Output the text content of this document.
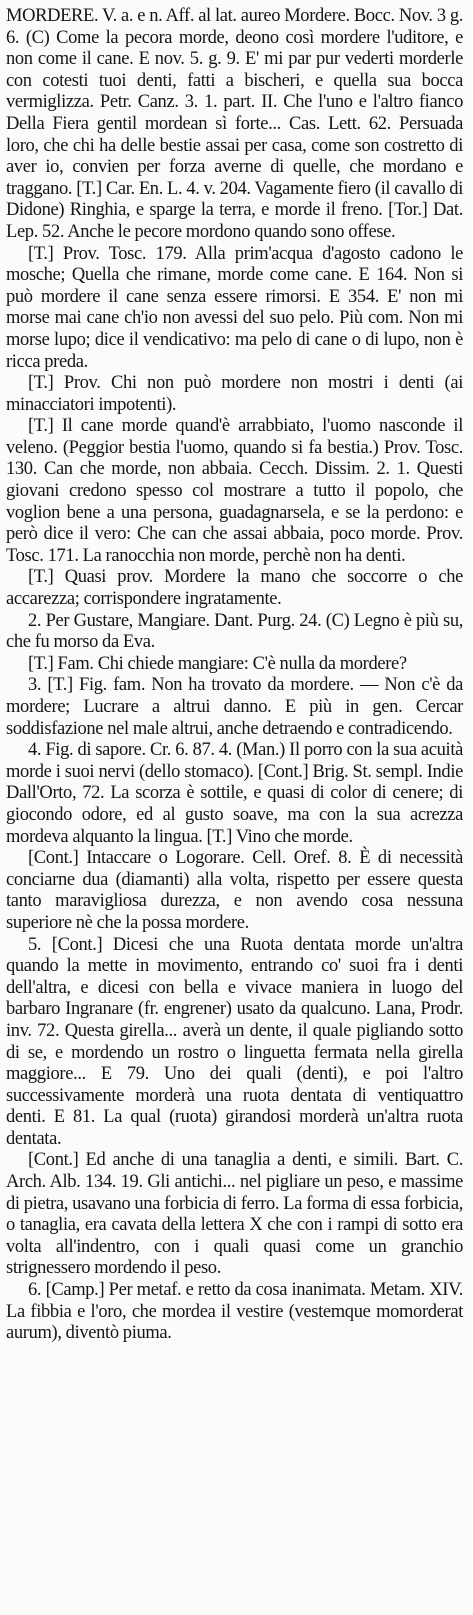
MORDERE. V. a. e n. Aff. al lat. aureo Mordere. Bocc. Nov. 3 g. 6. (C) Come la pecora morde, deono così mordere l'uditore, e non come il cane. E nov. 5. g. 9. E' mi par pur vederti morderle con cotesti tuoi denti, fatti a bischeri, e quella sua bocca vermiglizza. Petr. Canz. 3. 1. part. II. Che l'uno e l'altro fianco Della Fiera gentil mordean sì forte... Cas. Lett. 62. Persuada loro, che chi ha delle bestie assai per casa, come son costretto di aver io, convien per forza averne di quelle, che mordano e traggano. [T.] Car. En. L. 4. v. 204. Vagamente fiero (il cavallo di Didone) Ringhia, e sparge la terra, e morde il freno. [Tor.] Dat. Lep. 52. Anche le pecore mordono quando sono offese.

[T.] Prov. Tosc. 179. Alla prim'acqua d'agosto cadono le mosche; Quella che rimane, morde come cane. E 164. Non si può mordere il cane senza essere rimorsi. E 354. E' non mi morse mai cane ch'io non avessi del suo pelo. Più com. Non mi morse lupo; dice il vendicativo: ma pelo di cane o di lupo, non è ricca preda.

[T.] Prov. Chi non può mordere non mostri i denti (ai minacciatori impotenti).

[T.] Il cane morde quand'è arrabbiato, l'uomo nasconde il veleno. (Peggior bestia l'uomo, quando si fa bestia.) Prov. Tosc. 130. Can che morde, non abbaia. Cecch. Dissim. 2. 1. Questi giovani credono spesso col mostrare a tutto il popolo, che voglion bene a una persona, guadagnarsela, e se la perdono: e però dice il vero: Che can che assai abbaia, poco morde. Prov. Tosc. 171. La ranocchia non morde, perchè non ha denti.

[T.] Quasi prov. Mordere la mano che soccorre o che accarezza; corrispondere ingratamente.

2. Per Gustare, Mangiare. Dant. Purg. 24. (C) Legno è più su, che fu morso da Eva.

[T.] Fam. Chi chiede mangiare: C'è nulla da mordere?

3. [T.] Fig. fam. Non ha trovato da mordere. — Non c'è da mordere; Lucrare a altrui danno. E più in gen. Cercar soddisfazione nel male altrui, anche detraendo e contradicendo.

4. Fig. di sapore. Cr. 6. 87. 4. (Man.) Il porro con la sua acuità morde i suoi nervi (dello stomaco). [Cont.] Brig. St. sempl. Indie Dall'Orto, 72. La scorza è sottile, e quasi di color di cenere; di giocondo odore, ed al gusto soave, ma con la sua acrezza mordeva alquanto la lingua. [T.] Vino che morde.

[Cont.] Intaccare o Logorare. Cell. Oref. 8. È di necessità conciarne dua (diamanti) alla volta, rispetto per essere questa tanto maravigliosa durezza, e non avendo cosa nessuna superiore nè che la possa mordere.

5. [Cont.] Dicesi che una Ruota dentata morde un'altra quando la mette in movimento, entrando co' suoi fra i denti dell'altra, e dicesi con bella e vivace maniera in luogo del barbaro Ingranare (fr. engrener) usato da qualcuno. Lana, Prodr. inv. 72. Questa girella... averà un dente, il quale pigliando sotto di se, e mordendo un rostro o linguetta fermata nella girella maggiore... E 79. Uno dei quali (denti), e poi l'altro successivamente morderà una ruota dentata di ventiquattro denti. E 81. La qual (ruota) girandosi morderà un'altra ruota dentata.

[Cont.] Ed anche di una tanaglia a denti, e simili. Bart. C. Arch. Alb. 134. 19. Gli antichi... nel pigliare un peso, e massime di pietra, usavano una forbicia di ferro. La forma di essa forbicia, o tanaglia, era cavata della lettera X che con i rampi di sotto era volta all'indentro, con i quali quasi come un granchio strignessero mordendo il peso.

6. [Camp.] Per metaf. e retto da cosa inanimata. Metam. XIV. La fibbia e l'oro, che mordea il vestire (vestemque momorderat aurum), diventò piuma.
